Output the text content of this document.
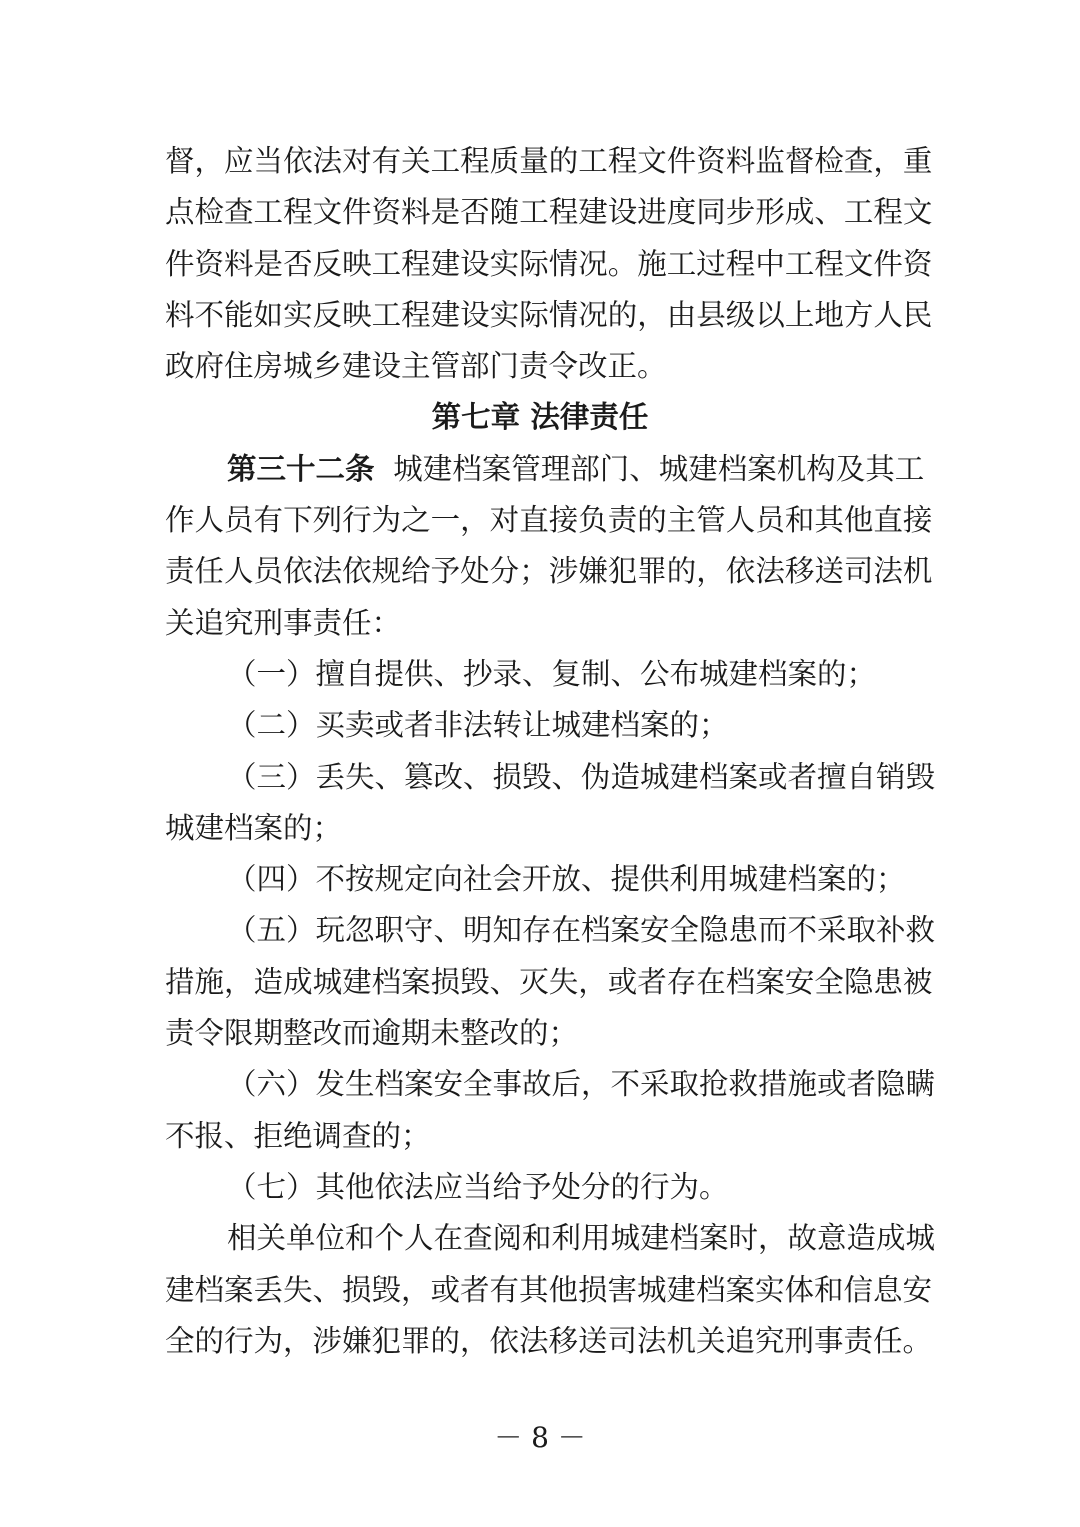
督 ， 应 当 依 法 对 有 关 工 程 质 量 的 工 程 文 件 资 料 监 督 检 查 ， 重
点 检 查 工 程 文 件 资 料 是 否 随 工 程 建 设 进 度 同 步 形 成 、 工 程 文
件 资 料 是 否 反 映 工 程 建 设 实 际 情 况 。 施 工 过 程 中 工 程 文 件 资
料 不 能 如 实 反 映 工 程 建 设 实 际 情 况 的 ， 由 县 级 以 上 地 方 人 民
政府住房城乡建设主管部门责令改正。
第七章 法律责任
第三十二条 城建档案管理部门、城建档案机构及其工
作 人 员 有 下 列 行 为 之 一 ， 对 直 接 负 责 的 主 管 人 员 和 其 他 直 接
责 任 人 员 依 法 依 规 给 予 处 分 ； 涉 嫌 犯 罪 的 ， 依 法 移 送 司 法 机
关追究刑事责任：
（一）擅自提供、抄录、复制、公布城建档案的；
（二）买卖或者非法转让城建档案的；
（三）丢失、篡改、损毁、伪造城建档案或者擅自销毁
城建档案的；
（四）不按规定向社会开放、提供利用城建档案的；
（五）玩忽职守、明知存在档案安全隐患而不采取补救
措 施 ， 造 成 城 建 档 案 损 毁 、 灭 失 ， 或 者 存 在 档 案 安 全 隐 患 被
责令限期整改而逾期未整改的；
（六）发生档案安全事故后，不采取抢救措施或者隐瞒
不报、拒绝调查的；
（七）其他依法应当给予处分的行为。
相关单位和个人在查阅和利用城建档案时，故意造成城
建档案丢失、损毁，或者有其他损害城建档案实体和信息安
全的行为，涉嫌犯罪的，依法移送司法机关追究刑事责任。
－ 8 －
